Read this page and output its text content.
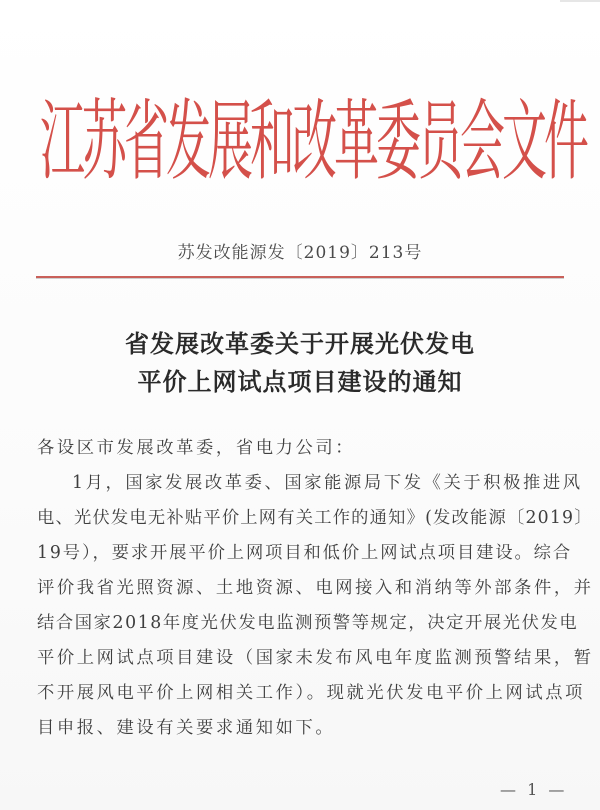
江苏省发展和改革委员会文件
苏发改能源发〔2019〕213号
省发展改革委关于开展光伏发电
平价上网试点项目建设的通知
各设区市发展改革委，省电力公司：
1月，国家发展改革委、国家能源局下发《关于积极推进风
电、光伏发电无补贴平价上网有关工作的通知》(发改能源〔2019〕
19号），要求开展平价上网项目和低价上网试点项目建设。综合
评价我省光照资源、土地资源、电网接入和消纳等外部条件，并
结合国家2018年度光伏发电监测预警等规定，决定开展光伏发电
平价上网试点项目建设（国家未发布风电年度监测预警结果，暂
不开展风电平价上网相关工作）。现就光伏发电平价上网试点项
目申报、建设有关要求通知如下。
— 1 —
